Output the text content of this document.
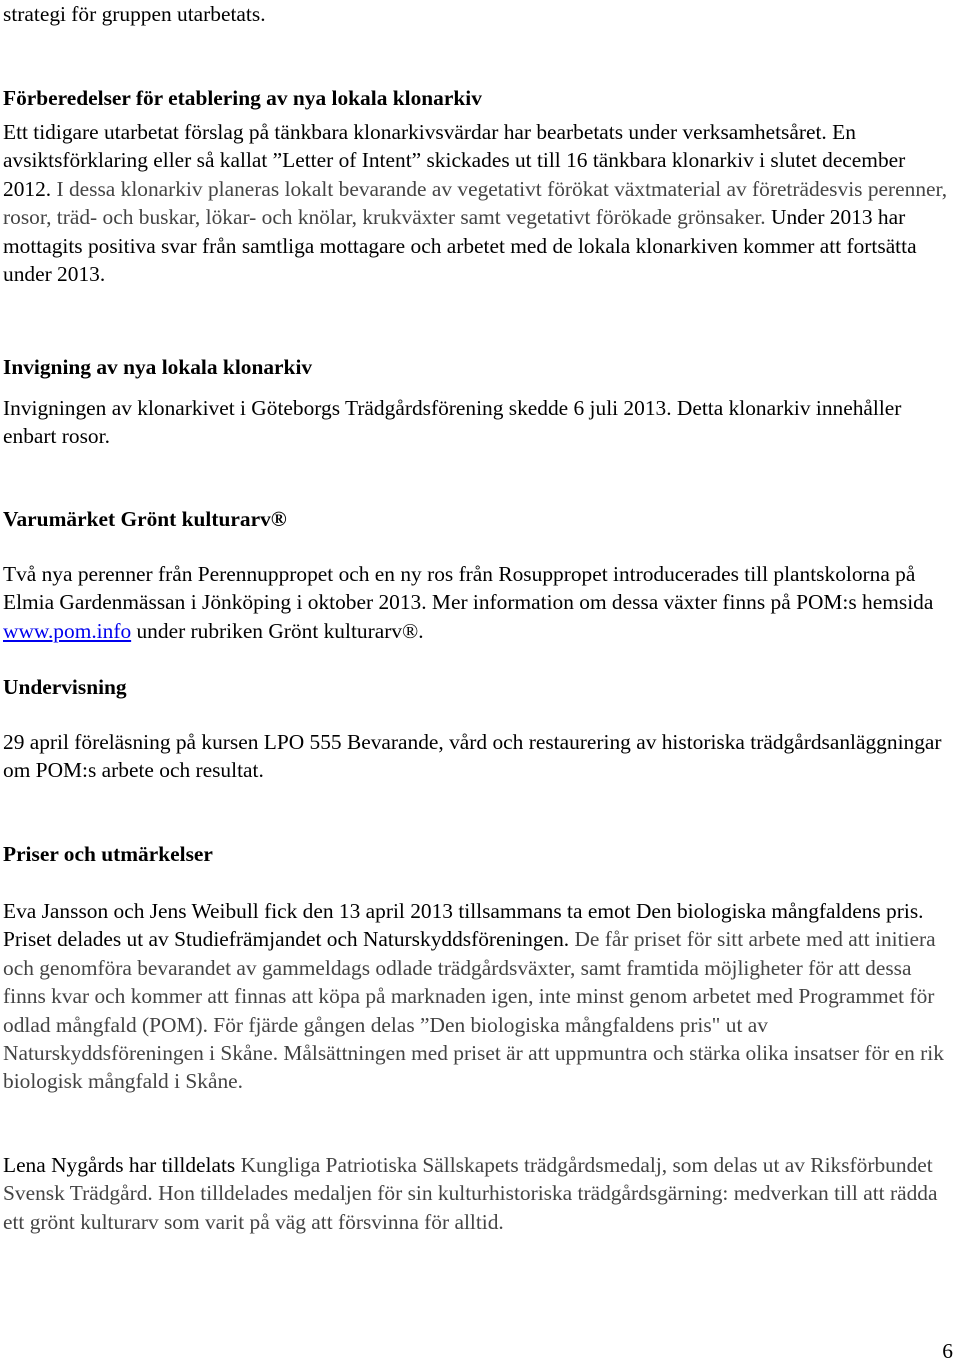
strategi för gruppen utarbetats.

Förberedelser för etablering av nya lokala klonarkiv

Ett tidigare utarbetat förslag på tänkbara klonarkivsvärdar har bearbetats under verksamhetsåret. En avsiktsförklaring eller så kallat ”Letter of Intent” skickades ut till 16 tänkbara klonarkiv i slutet december 2012. I dessa klonarkiv planeras lokalt bevarande av vegetativt förökat växtmaterial av företrädesvis perenner, rosor, träd- och buskar, lökar- och knölar, krukväxter samt vegetativt förökade grönsaker. Under 2013 har mottagits positiva svar från samtliga mottagare och arbetet med de lokala klonarkiven kommer att fortsätta under 2013.

Invigning av nya lokala klonarkiv

Invigningen av klonarkivet i Göteborgs Trädgårdsförening skedde 6 juli 2013. Detta klonarkiv innehåller enbart rosor.

Varumärket Grönt kulturarv®

Två nya perenner från Perennuppropet och en ny ros från Rosuppropet introducerades till plantskolorna på Elmia Gardenmässan i Jönköping i oktober 2013. Mer information om dessa växter finns på POM:s hemsida www.pom.info under rubriken Grönt kulturarv®.

Undervisning

29 april föreläsning på kursen LPO 555 Bevarande, vård och restaurering av historiska trädgårdsanläggningar om POM:s arbete och resultat.

Priser och utmärkelser

Eva Jansson och Jens Weibull fick den 13 april 2013 tillsammans ta emot Den biologiska mångfaldens pris. Priset delades ut av Studiefrämjandet och Naturskyddsföreningen. De får priset för sitt arbete med att initiera och genomföra bevarandet av gammeldags odlade trädgårdsväxter, samt framtida möjligheter för att dessa finns kvar och kommer att finnas att köpa på marknaden igen, inte minst genom arbetet med Programmet för odlad mångfald (POM). För fjärde gången delas ”Den biologiska mångfaldens pris" ut av Naturskyddsföreningen i Skåne. Målsättningen med priset är att uppmuntra och stärka olika insatser för en rik biologisk mångfald i Skåne.

Lena Nygårds har tilldelats Kungliga Patriotiska Sällskapets trädgårdsmedalj, som delas ut av Riksförbundet Svensk Trädgård. Hon tilldelades medaljen för sin kulturhistoriska trädgårdsgärning: medverkan till att rädda ett grönt kulturarv som varit på väg att försvinna för alltid.

6
